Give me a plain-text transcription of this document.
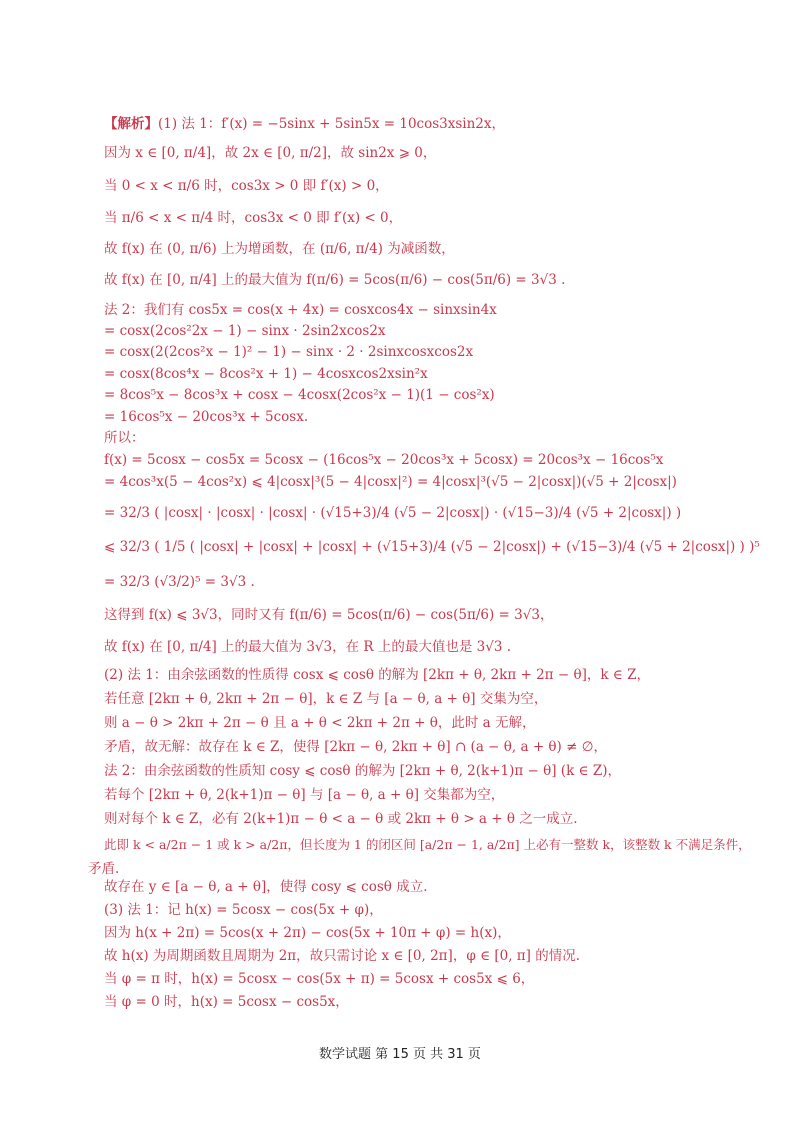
【解析】(1) 法 1：f′(x) = −5sinx + 5sin5x = 10cos3xsin2x，
因为 x ∈ [0, π/4]，故 2x ∈ [0, π/2]，故 sin2x ⩾ 0，
当 0 < x < π/6 时，cos3x > 0 即 f′(x) > 0，
当 π/6 < x < π/4 时，cos3x < 0 即 f′(x) < 0，
故 f(x) 在 (0, π/6) 上为增函数，在 (π/6, π/4) 为减函数，
故 f(x) 在 [0, π/4] 上的最大值为 f(π/6) = 5cos(π/6) − cos(5π/6) = 3√3 .
法 2：我们有 cos5x = cos(x + 4x) = cosxcos4x − sinxsin4x
= cosx(2cos²2x − 1) − sinx · 2sin2xcos2x
= cosx(2(2cos²x − 1)² − 1) − sinx · 2 · 2sinxcosxcos2x
= cosx(8cos⁴x − 8cos²x + 1) − 4cosxcos2xsin²x
= 8cos⁵x − 8cos³x + cosx − 4cosx(2cos²x − 1)(1 − cos²x)
= 16cos⁵x − 20cos³x + 5cosx.
所以：
f(x) = 5cosx − cos5x = 5cosx − (16cos⁵x − 20cos³x + 5cosx) = 20cos³x − 16cos⁵x
= 4cos³x(5 − 4cos²x) ⩽ 4|cosx|³(5 − 4|cosx|²) = 4|cosx|³(√5 − 2|cosx|)(√5 + 2|cosx|)
= 32/3 ( |cosx| · |cosx| · |cosx| · (√15+3)/4 (√5 − 2|cosx|) · (√15−3)/4 (√5 + 2|cosx|) )
⩽ 32/3 ( 1/5 ( |cosx| + |cosx| + |cosx| + (√15+3)/4 (√5 − 2|cosx|) + (√15−3)/4 (√5 + 2|cosx|) ) )⁵
= 32/3 (√3/2)⁵ = 3√3 .
这得到 f(x) ⩽ 3√3，同时又有 f(π/6) = 5cos(π/6) − cos(5π/6) = 3√3，
故 f(x) 在 [0, π/4] 上的最大值为 3√3，在 R 上的最大值也是 3√3 .
(2) 法 1：由余弦函数的性质得 cosx ⩽ cosθ 的解为 [2kπ + θ, 2kπ + 2π − θ]，k ∈ Z，
若任意 [2kπ + θ, 2kπ + 2π − θ]，k ∈ Z 与 [a − θ, a + θ] 交集为空，
则 a − θ > 2kπ + 2π − θ 且 a + θ < 2kπ + 2π + θ，此时 a 无解，
矛盾，故无解：故存在 k ∈ Z，使得 [2kπ − θ, 2kπ + θ] ∩ (a − θ, a + θ) ≠ ∅，
法 2：由余弦函数的性质知 cosy ⩽ cosθ 的解为 [2kπ + θ, 2(k+1)π − θ] (k ∈ Z)，
若每个 [2kπ + θ, 2(k+1)π − θ] 与 [a − θ, a + θ] 交集都为空，
则对每个 k ∈ Z，必有 2(k+1)π − θ < a − θ 或 2kπ + θ > a + θ 之一成立.
此即 k < a/2π − 1 或 k > a/2π，但长度为 1 的闭区间 [a/2π − 1, a/2π] 上必有一整数 k，该整数 k 不满足条件，
矛盾.
故存在 y ∈ [a − θ, a + θ]，使得 cosy ⩽ cosθ 成立.
(3) 法 1：记 h(x) = 5cosx − cos(5x + φ)，
因为 h(x + 2π) = 5cos(x + 2π) − cos(5x + 10π + φ) = h(x)，
故 h(x) 为周期函数且周期为 2π，故只需讨论 x ∈ [0, 2π]，φ ∈ [0, π] 的情况.
当 φ = π 时，h(x) = 5cosx − cos(5x + π) = 5cosx + cos5x ⩽ 6，
当 φ = 0 时，h(x) = 5cosx − cos5x，
数学试题 第 15 页 共 31 页
